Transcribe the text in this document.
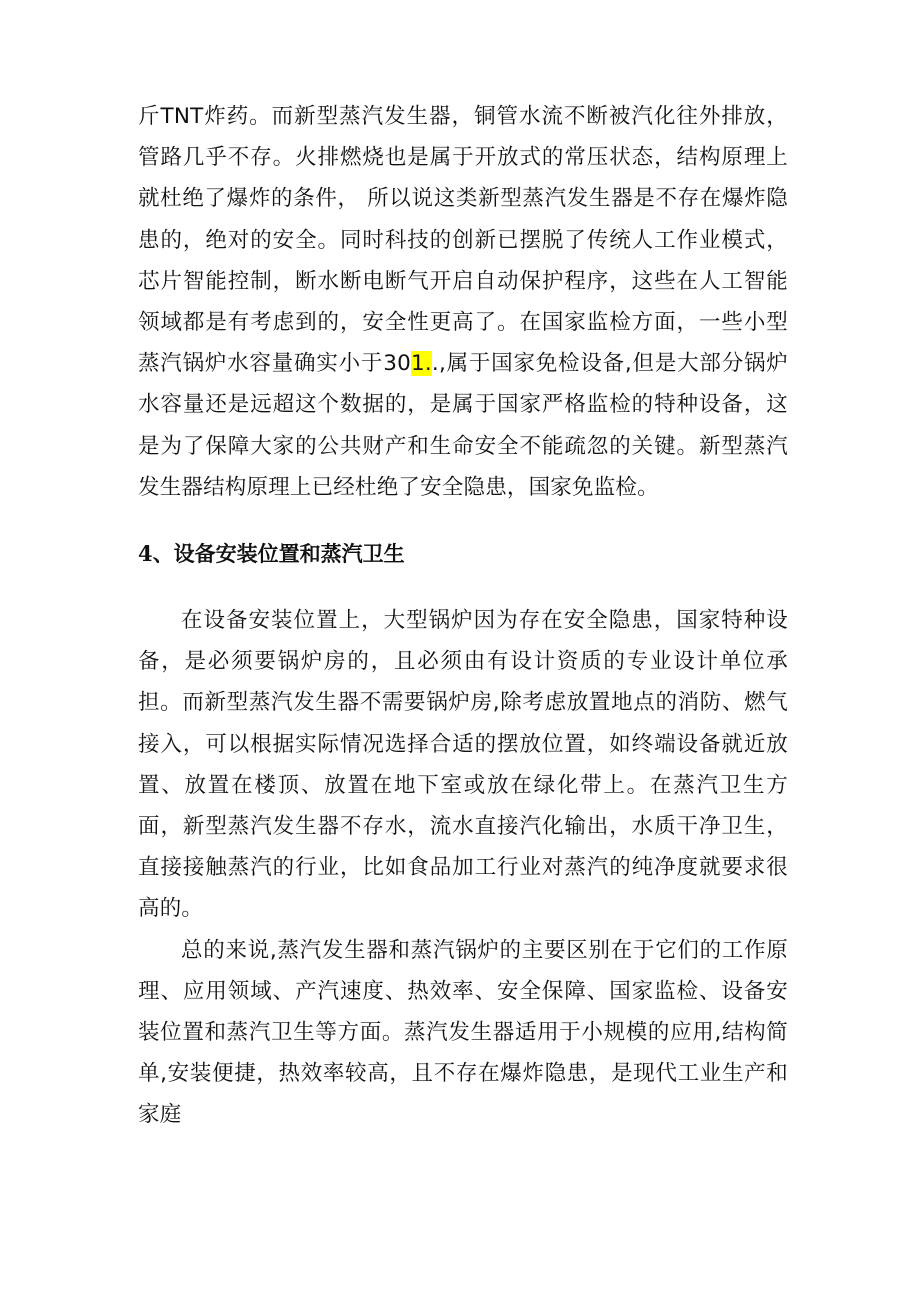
斤TNT炸药。而新型蒸汽发生器，铜管水流不断被汽化往外排放，管路几乎不存。火排燃烧也是属于开放式的常压状态，结构原理上就杜绝了爆炸的条件， 所以说这类新型蒸汽发生器是不存在爆炸隐患的，绝对的安全。同时科技的创新已摆脱了传统人工作业模式，芯片智能控制，断水断电断气开启自动保护程序，这些在人工智能领域都是有考虑到的，安全性更高了。在国家监检方面，一些小型蒸汽锅炉水容量确实小于301..,属于国家免检设备,但是大部分锅炉水容量还是远超这个数据的，是属于国家严格监检的特种设备，这是为了保障大家的公共财产和生命安全不能疏忽的关键。新型蒸汽发生器结构原理上已经杜绝了安全隐患，国家免监检。

4、设备安装位置和蒸汽卫生

在设备安装位置上，大型锅炉因为存在安全隐患，国家特种设备，是必须要锅炉房的，且必须由有设计资质的专业设计单位承担。而新型蒸汽发生器不需要锅炉房,除考虑放置地点的消防、燃气接入，可以根据实际情况选择合适的摆放位置，如终端设备就近放置、放置在楼顶、放置在地下室或放在绿化带上。在蒸汽卫生方面，新型蒸汽发生器不存水，流水直接汽化输出，水质干净卫生，直接接触蒸汽的行业，比如食品加工行业对蒸汽的纯净度就要求很高的。

总的来说,蒸汽发生器和蒸汽锅炉的主要区别在于它们的工作原理、应用领域、产汽速度、热效率、安全保障、国家监检、设备安装位置和蒸汽卫生等方面。蒸汽发生器适用于小规模的应用,结构简单,安装便捷，热效率较高，且不存在爆炸隐患，是现代工业生产和家庭
